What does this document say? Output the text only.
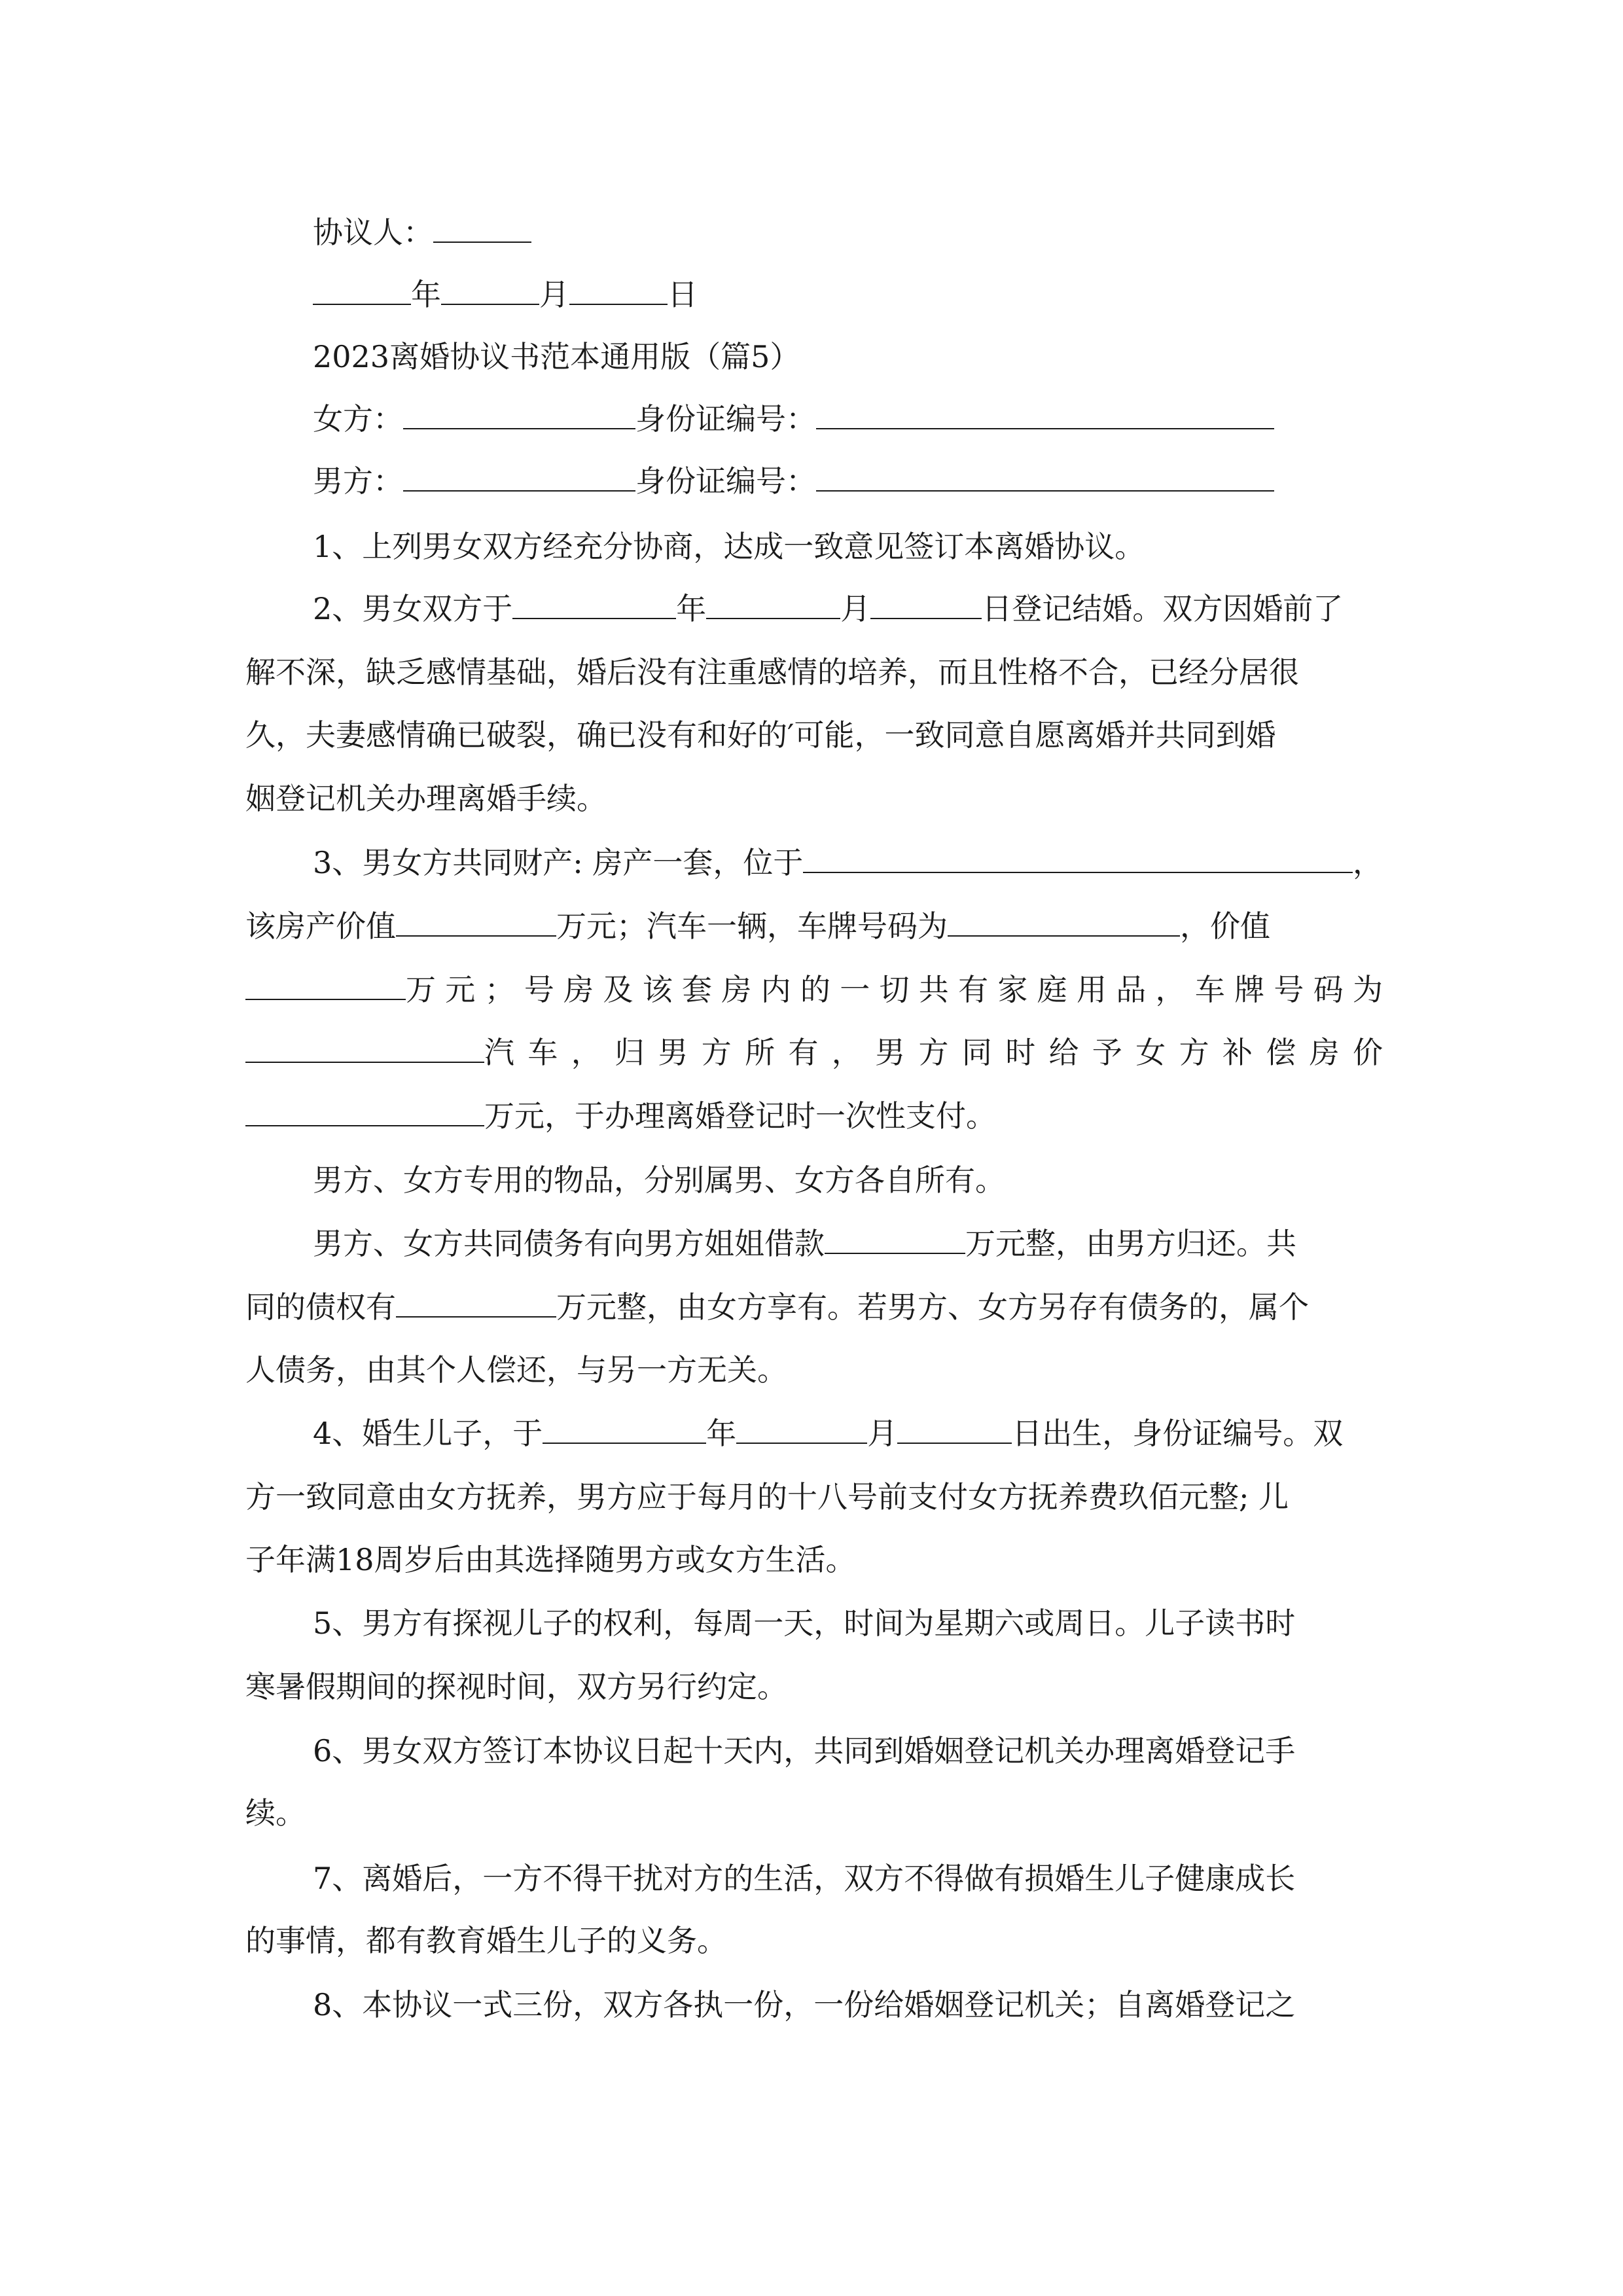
协议人：
年	月	日
2023离婚协议书范本通用版（篇5）
女方：	身份证编号：
男方：	身份证编号：
1、上列男女双方经充分协商，达成一致意见签订本离婚协议。
2、男女双方于	年	月	日登记结婚。双方因婚前了
解不深，缺乏感情基础，婚后没有注重感情的培养，而且性格不合，已经分居很
久，夫妻感情确已破裂，确已没有和好的′可能，一致同意自愿离婚并共同到婚
姻登记机关办理离婚手续。
3、男女方共同财产: 房产一套，位于	，
该房产价值	万元；汽车一辆，车牌号码为	，价值
万元；号房及该套房内的一切共有家庭用品，车牌号码为
汽车，归男方所有，男方同时给予女方补偿房价
万元，于办理离婚登记时一次性支付。
男方、女方专用的物品，分别属男、女方各自所有。
男方、女方共同债务有向男方姐姐借款	万元整，由男方归还。共
同的债权有	万元整，由女方享有。若男方、女方另存有债务的，属个
人债务，由其个人偿还，与另一方无关。
4、婚生儿子，于	年	月	日出生，身份证编号。双
方一致同意由女方抚养，男方应于每月的十八号前支付女方抚养费玖佰元整; 儿
子年满18周岁后由其选择随男方或女方生活。
5、男方有探视儿子的权利，每周一天，时间为星期六或周日。儿子读书时
寒暑假期间的探视时间，双方另行约定。
6、男女双方签订本协议日起十天内，共同到婚姻登记机关办理离婚登记手
续。
7、离婚后，一方不得干扰对方的生活，双方不得做有损婚生儿子健康成长
的事情，都有教育婚生儿子的义务。
8、本协议一式三份，双方各执一份，一份给婚姻登记机关；自离婚登记之
